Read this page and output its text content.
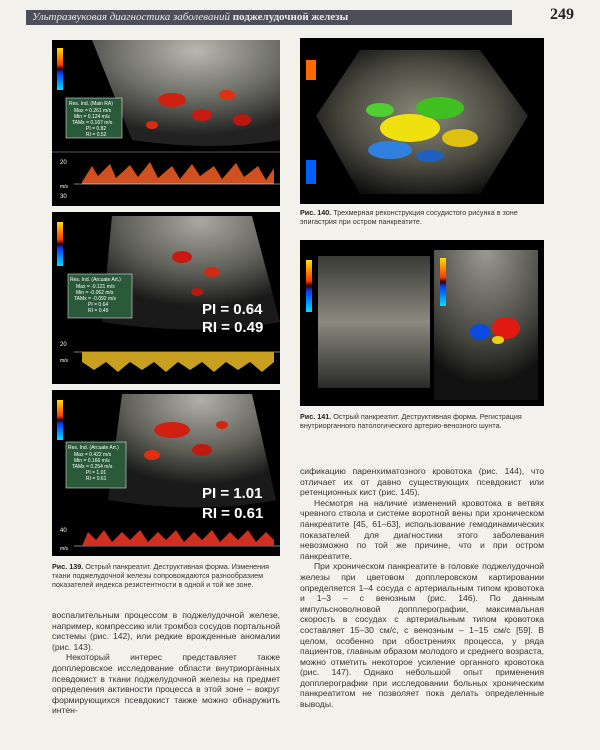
Ультразвуковая диагностика заболеваний поджелудочной железы	249
Res. Ind. (Main RA)
Max = 0.261 m/s
Min = 0.124 m/s
TAMx = 0.167 m/s
PI = 0.82
RI = 0.52
20
m/s
30
Res. Ind. (Arcuate Art.)
Max = -0.121 m/s
Min = -0.062 m/s
TAMx = -0.092 m/s
PI = 0.64
RI = 0.49	PI = 0.64
RI = 0.49
20
m/s
Res. Ind. (Arcuate Art.)
Max = 0.422 m/s
Min = 0.166 m/s
TAMx = 0.254 m/s
PI = 1.01
RI = 0.61
PI = 1.01
RI = 0.61
40
m/s

Рис. 140. Трехмерная реконструкция сосудистого рисунка в зоне эпигастрия при остром панкреатите.

Рис. 141. Острый панкреатит. Деструктивная форма. Регистрация внутриорганного патологического артерио-венозного шунта.

Рис. 139. Острый панкреатит. Деструктивная форма. Изменения ткани поджелудочной железы сопровождаются разнообразием показателей индекса резистентности в одной и той же зоне.

воспалительным процессом в поджелудочной железе, например, компрессию или тромбоз сосудов портальной системы (рис. 142), или редкие врожденные аномалии (рис. 143).

Некоторый интерес представляет также допплеровское исследование области внутриорганных псевдокист в ткани поджелудочной железы на предмет определения активности процесса в этой зоне – вокруг формирующихся псевдокист также можно обнаружить интен-

сификацию паренхиматозного кровотока (рис. 144), что отличает их от давно существующих псевдокист или ретенционных кист (рис. 145).

Несмотря на наличие изменений кровотока в ветвях чревного ствола и системе воротной вены при хроническом панкреатите [45, 61–63], использование гемодинамических показателей для диагностики этого заболевания невозможно по той же причине, что и при остром панкреатите.

При хроническом панкреатите в головке поджелудочной железы при цветовом допплеровском картировании определяется 1–4 сосуда с артериальным типом кровотока и 1–3 – с венозным (рис. 146). По данным импульсноволновой допплерографии, максимальная скорость в сосудах с артериальным типом кровотока составляет 15–30 см/с, с венозным – 1–15 см/с [59]. В целом, особенно при обострениях процесса, у ряда пациентов, главным образом молодого и среднего возраста, можно отметить некоторое усиление органного кровотока (рис. 147). Однако небольшой опыт применения допплерографии при исследовании больных хроническим панкреатитом не позволяет пока делать определенные выводы.
